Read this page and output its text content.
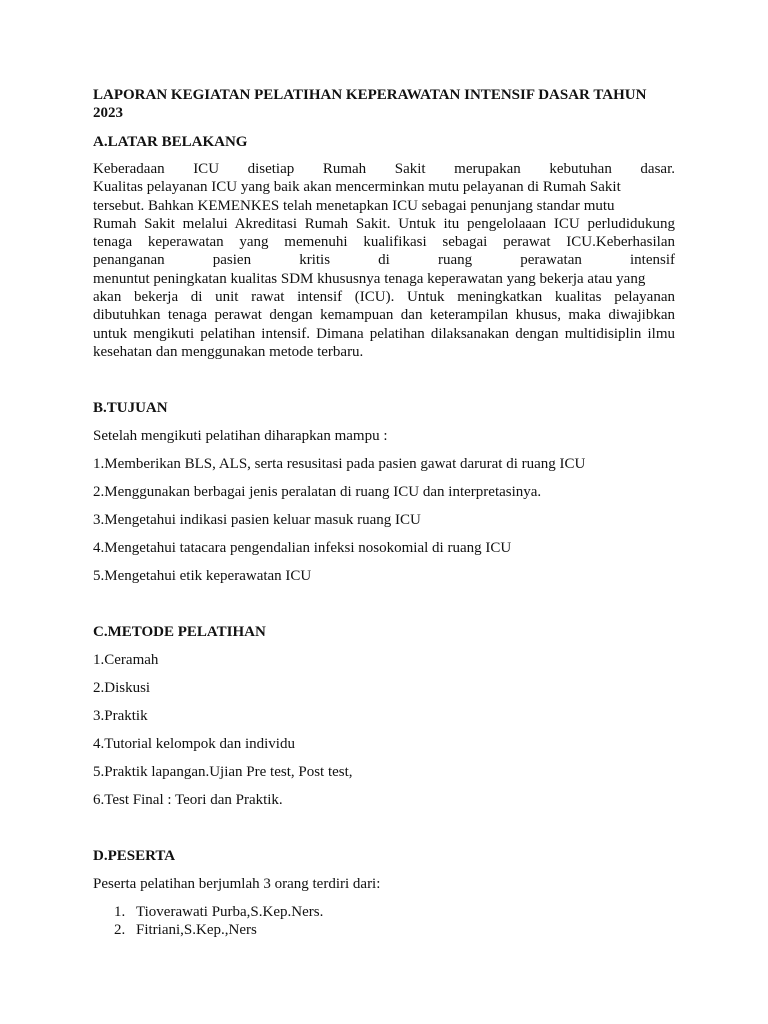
LAPORAN KEGIATAN PELATIHAN KEPERAWATAN INTENSIF DASAR TAHUN
2023
A.LATAR BELAKANG
Keberadaan ICU disetiap Rumah Sakit merupakan kebutuhan dasar.
Kualitas pelayanan ICU yang baik akan mencerminkan mutu pelayanan di Rumah Sakit
tersebut. Bahkan KEMENKES telah menetapkan ICU sebagai penunjang standar mutu
Rumah Sakit melalui Akreditasi Rumah Sakit. Untuk itu pengelolaaan ICU perludidukung
tenaga keperawatan yang memenuhi kualifikasi sebagai perawat ICU.Keberhasilan
penanganan pasien kritis di ruang perawatan intensif
menuntut peningkatan kualitas SDM khususnya tenaga keperawatan yang bekerja atau yang
akan bekerja di unit rawat intensif (ICU). Untuk meningkatkan kualitas pelayanan
dibutuhkan tenaga perawat dengan kemampuan dan keterampilan khusus, maka diwajibkan
untuk mengikuti pelatihan intensif. Dimana pelatihan dilaksanakan dengan multidisiplin ilmu
kesehatan dan menggunakan metode terbaru.
B.TUJUAN

Setelah mengikuti pelatihan diharapkan mampu :

1.Memberikan BLS, ALS, serta resusitasi pada pasien gawat darurat di ruang ICU

2.Menggunakan berbagai jenis peralatan di ruang ICU dan interpretasinya.

3.Mengetahui indikasi pasien keluar masuk ruang ICU

4.Mengetahui tatacara pengendalian infeksi nosokomial di ruang ICU

5.Mengetahui etik keperawatan ICU

C.METODE PELATIHAN

1.Ceramah

2.Diskusi

3.Praktik

4.Tutorial kelompok dan individu

5.Praktik lapangan.Ujian Pre test, Post test,

6.Test Final : Teori dan Praktik.

D.PESERTA

Peserta pelatihan berjumlah 3 orang terdiri dari:

1. Tioverawati Purba,S.Kep.Ners.
2. Fitriani,S.Kep.,Ners
